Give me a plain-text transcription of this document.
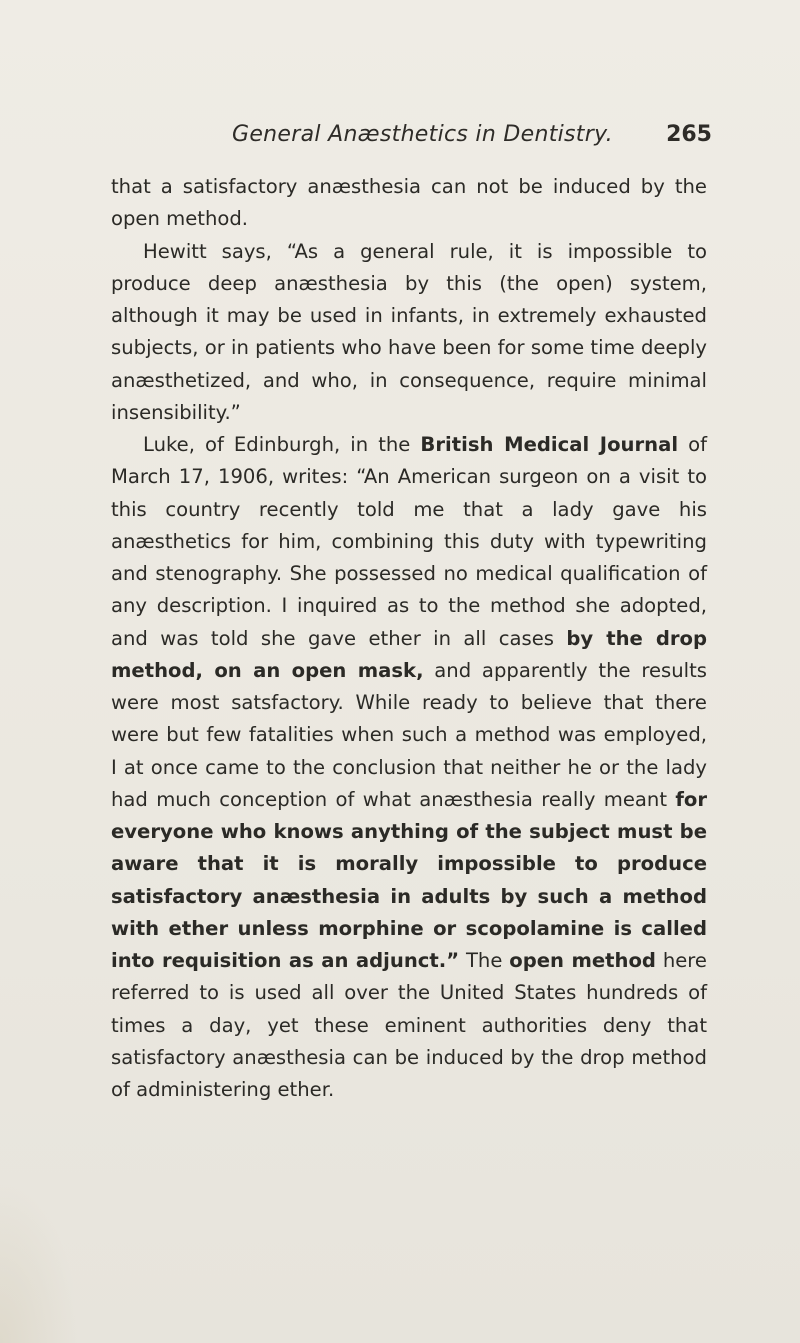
General Anæsthetics in Dentistry. 265

that a satisfactory anæsthesia can not be induced by the open method.

Hewitt says, “As a general rule, it is impossible to produce deep anæsthesia by this (the open) system, although it may be used in infants, in extremely exhausted subjects, or in patients who have been for some time deeply anæsthetized, and who, in consequence, require minimal insensibility.”

Luke, of Edinburgh, in the British Medical Journal of March 17, 1906, writes: “An American surgeon on a visit to this country recently told me that a lady gave his anæsthetics for him, combining this duty with typewriting and stenography. She possessed no medical qualification of any description. I inquired as to the method she adopted, and was told she gave ether in all cases by the drop method, on an open mask, and apparently the results were most satsfactory. While ready to believe that there were but few fatalities when such a method was employed, I at once came to the conclusion that neither he or the lady had much conception of what anæsthesia really meant for everyone who knows anything of the subject must be aware that it is morally impossible to produce satisfactory anæsthesia in adults by such a method with ether unless morphine or scopolamine is called into requisition as an adjunct.” The open method here referred to is used all over the United States hundreds of times a day, yet these eminent authorities deny that satisfactory anæsthesia can be induced by the drop method of administering ether.
